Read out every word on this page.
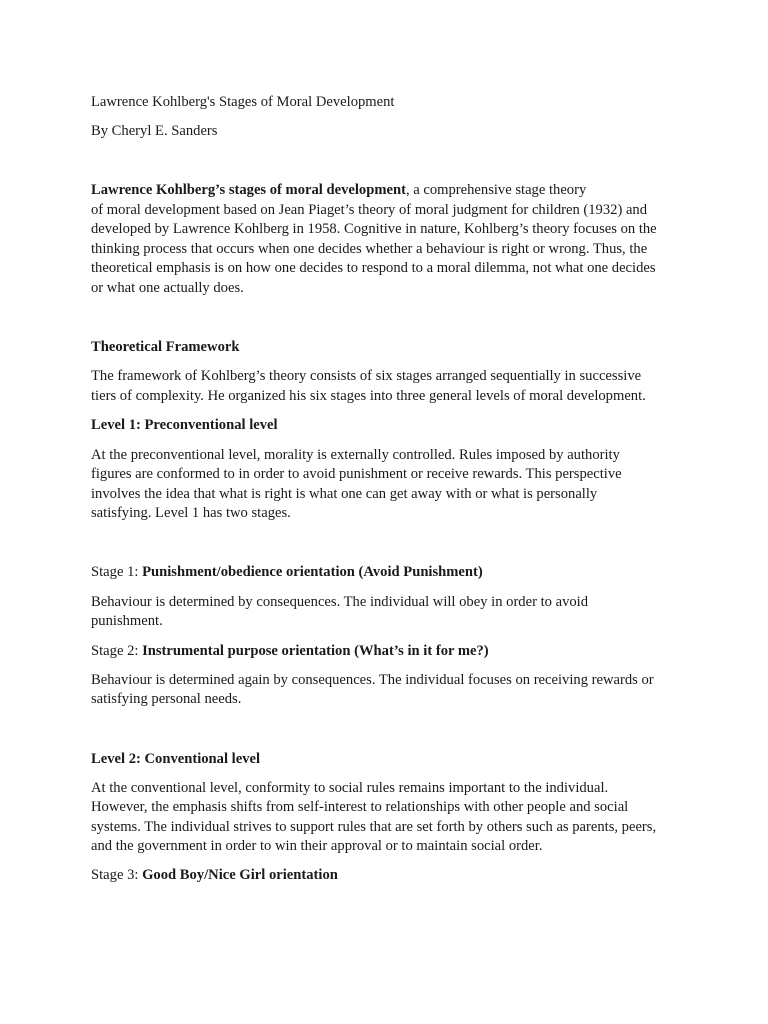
Lawrence Kohlberg's Stages of Moral Development

By Cheryl E. Sanders

Lawrence Kohlberg’s stages of moral development, a comprehensive stage theory

of moral development based on Jean Piaget’s theory of moral judgment for children (1932) and

developed by Lawrence Kohlberg in 1958. Cognitive in nature, Kohlberg’s theory focuses on the

thinking process that occurs when one decides whether a behaviour is right or wrong. Thus, the

theoretical emphasis is on how one decides to respond to a moral dilemma, not what one decides

or what one actually does.

Theoretical Framework

The framework of Kohlberg’s theory consists of six stages arranged sequentially in successive

tiers of complexity. He organized his six stages into three general levels of moral development.

Level 1: Preconventional level

At the preconventional level, morality is externally controlled. Rules imposed by authority

figures are conformed to in order to avoid punishment or receive rewards. This perspective

involves the idea that what is right is what one can get away with or what is personally

satisfying. Level 1 has two stages.

Stage 1: Punishment/obedience orientation (Avoid Punishment)

Behaviour is determined by consequences. The individual will obey in order to avoid

punishment.

Stage 2: Instrumental purpose orientation (What’s in it for me?)

Behaviour is determined again by consequences. The individual focuses on receiving rewards or

satisfying personal needs.

Level 2: Conventional level

At the conventional level, conformity to social rules remains important to the individual.

However, the emphasis shifts from self-interest to relationships with other people and social

systems. The individual strives to support rules that are set forth by others such as parents, peers,

and the government in order to win their approval or to maintain social order.

Stage 3: Good Boy/Nice Girl orientation
